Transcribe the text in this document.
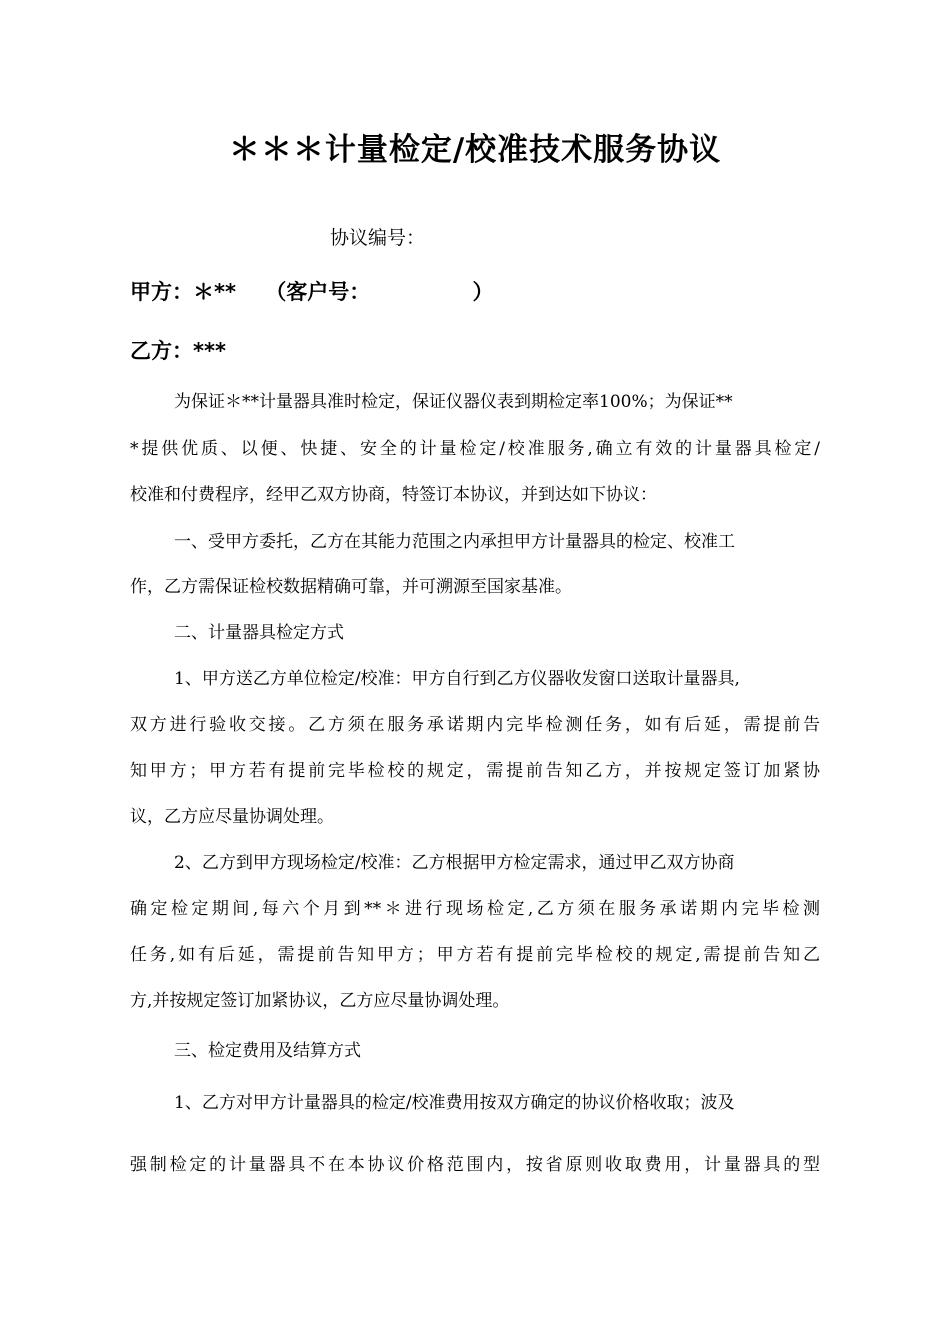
＊＊＊计量检定/校准技术服务协议
协议编号：
甲方：＊**    （客户号：              ）
乙方：***
为保证＊**计量器具准时检定，保证仪器仪表到期检定率100%；为保证**
*提供优质、以便、快捷、安全的计量检定/校准服务,确立有效的计量器具检定/
校准和付费程序，经甲乙双方协商，特签订本协议，并到达如下协议：
一、受甲方委托，乙方在其能力范围之内承担甲方计量器具的检定、校准工
作，乙方需保证检校数据精确可靠，并可溯源至国家基准。
二、计量器具检定方式
1、甲方送乙方单位检定/校准：甲方自行到乙方仪器收发窗口送取计量器具,
双方进行验收交接。乙方须在服务承诺期内完毕检测任务，如有后延，需提前告
知甲方；甲方若有提前完毕检校的规定，需提前告知乙方，并按规定签订加紧协
议，乙方应尽量协调处理。
2、乙方到甲方现场检定/校准：乙方根据甲方检定需求，通过甲乙双方协商
确定检定期间,每六个月到**＊进行现场检定,乙方须在服务承诺期内完毕检测
任务,如有后延，需提前告知甲方；甲方若有提前完毕检校的规定,需提前告知乙
方,并按规定签订加紧协议，乙方应尽量协调处理。
三、检定费用及结算方式
1、乙方对甲方计量器具的检定/校准费用按双方确定的协议价格收取；波及
强制检定的计量器具不在本协议价格范围内，按省原则收取费用，计量器具的型
